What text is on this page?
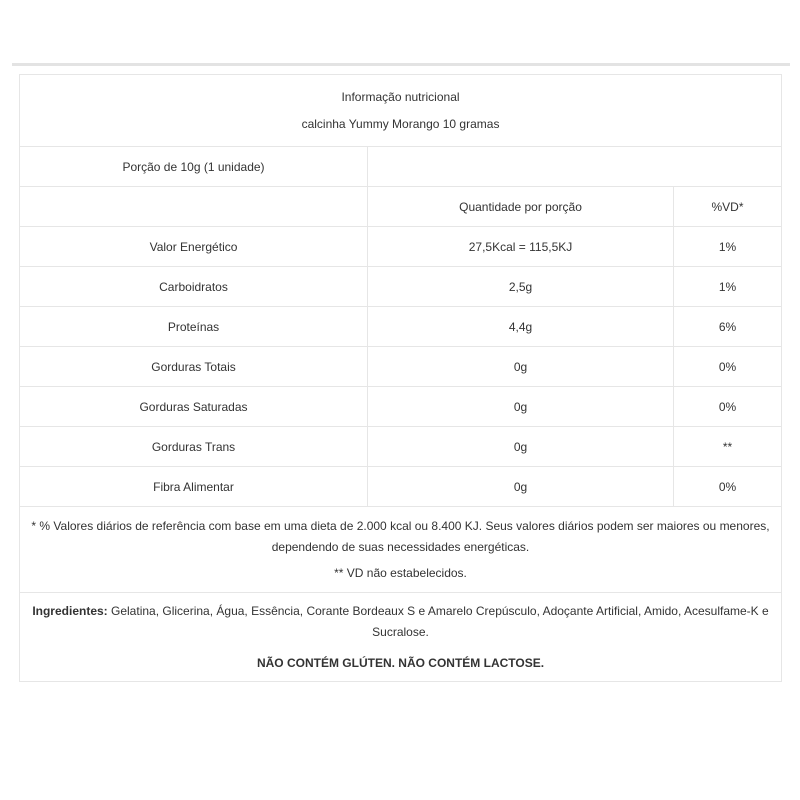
Informação nutricional
calcinha Yummy Morango 10 gramas		

Porção de 10g (1 unidade)		
	Quantidade por porção	%VD*
Valor Energético	27,5Kcal = 115,5KJ	1%
Carboidratos	2,5g	1%
Proteínas	4,4g	6%
Gorduras Totais	0g	0%
Gorduras Saturadas	0g	0%
Gorduras Trans	0g	**
Fibra Alimentar	0g	0%

* % Valores diários de referência com base em uma dieta de 2.000 kcal ou 8.400 KJ. Seus valores diários podem ser maiores ou menores,
dependendo de suas necessidades energéticas.
** VD não estabelecidos.		

Ingredientes: Gelatina, Glicerina, Água, Essência, Corante Bordeaux S e Amarelo Crepúsculo, Adoçante Artificial, Amido, Acesulfame-K e
Sucralose.
NÃO CONTÉM GLÚTEN. NÃO CONTÉM LACTOSE.		
